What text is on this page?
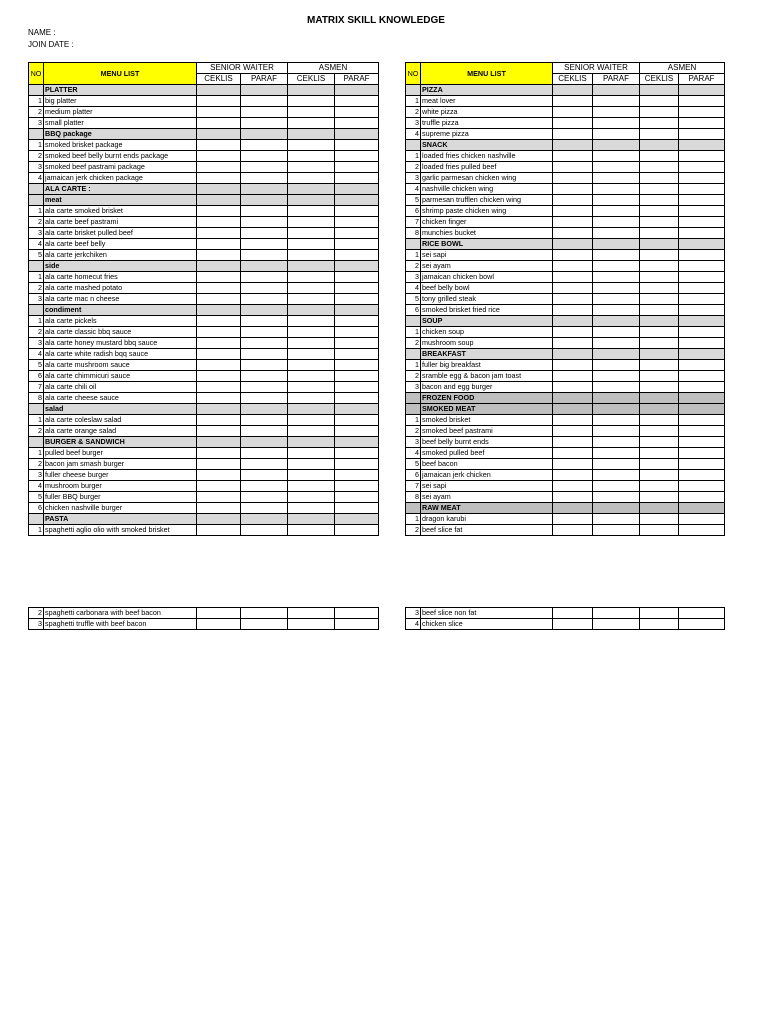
MATRIX SKILL KNOWLEDGE
NAME :
JOIN DATE :
NO	MENU LIST	SENIOR WAITER		ASMEN	
		CEKLIS	PARAF	CEKLIS	PARAF
	PLATTER				
1	big platter				
2	medium platter				
3	small platter				
	BBQ package				
1	smoked brisket package				
2	smoked beef belly burnt ends package				
3	smoked beef pastrami package				
4	jamaican jerk chicken package				
	ALA CARTE :				
	meat				
1	ala carte smoked brisket				
2	ala carte beef pastrami				
3	ala carte brisket pulled beef				
4	ala carte beef belly				
5	ala carte jerkchiken				
	side				
1	ala carte homecut fries				
2	ala carte mashed potato				
3	ala carte mac n cheese				
	condiment				
1	ala carte pickels				
2	ala carte classic bbq sauce				
3	ala carte honey mustard bbq sauce				
4	ala carte white radish bqq sauce				
5	ala carte mushroom sauce				
6	ala carte chimmicuri sauce				
7	ala carte chili oil				
8	ala carte cheese sauce				
	salad				
1	ala carte coleslaw salad				
2	ala carte orange salad				
	BURGER & SANDWICH				
1	pulled beef burger				
2	bacon jam smash burger				
3	fuller cheese burger				
4	mushroom burger				
5	fuller BBQ burger				
6	chicken nashville burger				
	PASTA				
1	spaghetti aglio olio with smoked brisket				
NO	MENU LIST	SENIOR WAITER		ASMEN	
		CEKLIS	PARAF	CEKLIS	PARAF
	PIZZA				
1	meat lover				
2	white pizza				
3	truffle pizza				
4	supreme pizza				
	SNACK				
1	loaded fries chicken nashville				
2	loaded fries pulled beef				
3	garlic parmesan chicken wing				
4	nashville chicken wing				
5	parmesan trufflen chicken wing				
6	shrimp paste chicken wing				
7	chicken finger				
8	munchies bucket				
	RICE BOWL				
1	sei sapi				
2	sei ayam				
3	jamaican chicken bowl				
4	beef belly bowl				
5	tony grilled steak				
6	smoked brisket fried rice				
	SOUP				
1	chicken soup				
2	mushroom soup				
	BREAKFAST				
1	fuller big breakfast				
2	sramble egg & bacon jam toast				
3	bacon and egg burger				
	FROZEN FOOD				
	SMOKED MEAT				
1	smoked brisket				
2	smoked beef pastrami				
3	beef belly burnt ends				
4	smoked pulled beef				
5	beef bacon				
6	jamaican jerk chicken				
7	sei sapi				
8	sei ayam				
	RAW MEAT				
1	dragon karubi				
2	beef slice fat				
2	spaghetti carbonara with beef bacon				
3	spaghetti truffle with beef bacon				
3	beef slice non fat				
4	chicken slice				
